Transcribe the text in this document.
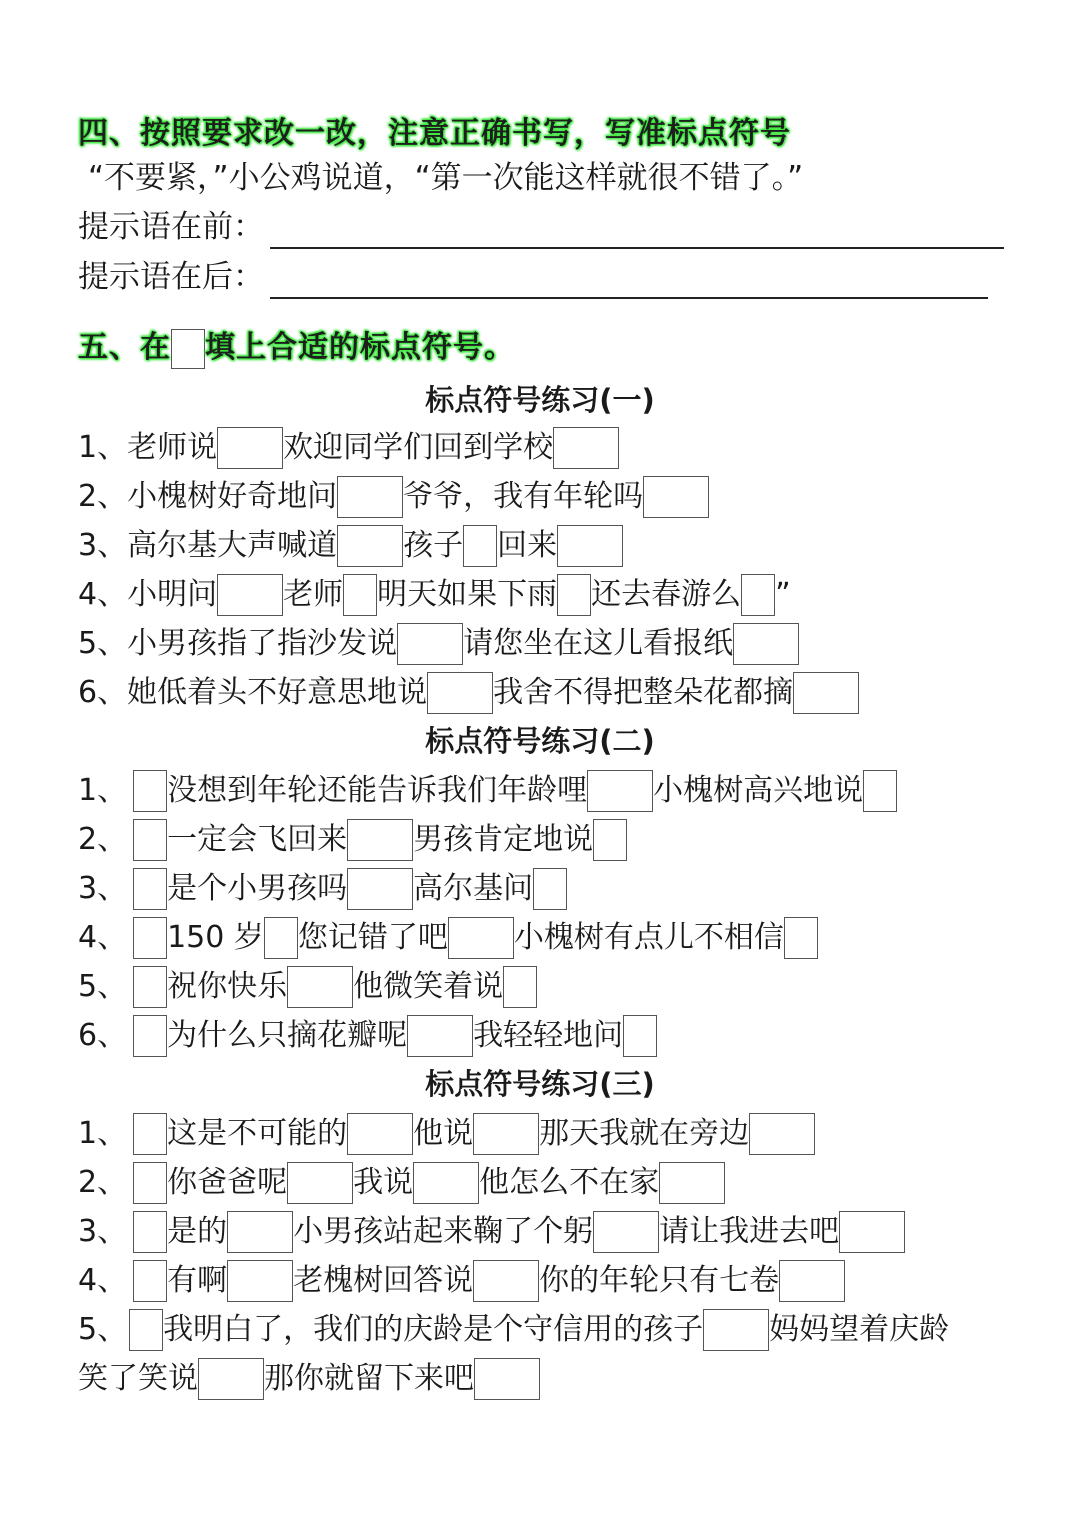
四、按照要求改一改，注意正确书写，写准标点符号
“不要紧，”小公鸡说道，“第一次能这样就很不错了。”
提示语在前：
提示语在后：
五、在 填上合适的标点符号。
标点符号练习(一)
1、老师说 欢迎同学们回到学校
2、小槐树好奇地问 爷爷，我有年轮吗
3、高尔基大声喊道 孩子 回来
4、小明问 老师 明天如果下雨 还去春游么 ”
5、小男孩指了指沙发说 请您坐在这儿看报纸
6、她低着头不好意思地说 我舍不得把整朵花都摘
标点符号练习(二)
1、 没想到年轮还能告诉我们年龄哩 小槐树高兴地说
2、 一定会飞回来 男孩肯定地说
3、 是个小男孩吗 高尔基问
4、 150 岁 您记错了吧 小槐树有点儿不相信
5、 祝你快乐 他微笑着说
6、 为什么只摘花瓣呢 我轻轻地问
标点符号练习(三)
1、 这是不可能的 他说 那天我就在旁边
2、 你爸爸呢 我说 他怎么不在家
3、 是的 小男孩站起来鞠了个躬 请让我进去吧
4、 有啊 老槐树回答说 你的年轮只有七卷
5、 我明白了，我们的庆龄是个守信用的孩子 妈妈望着庆龄
笑了笑说 那你就留下来吧
